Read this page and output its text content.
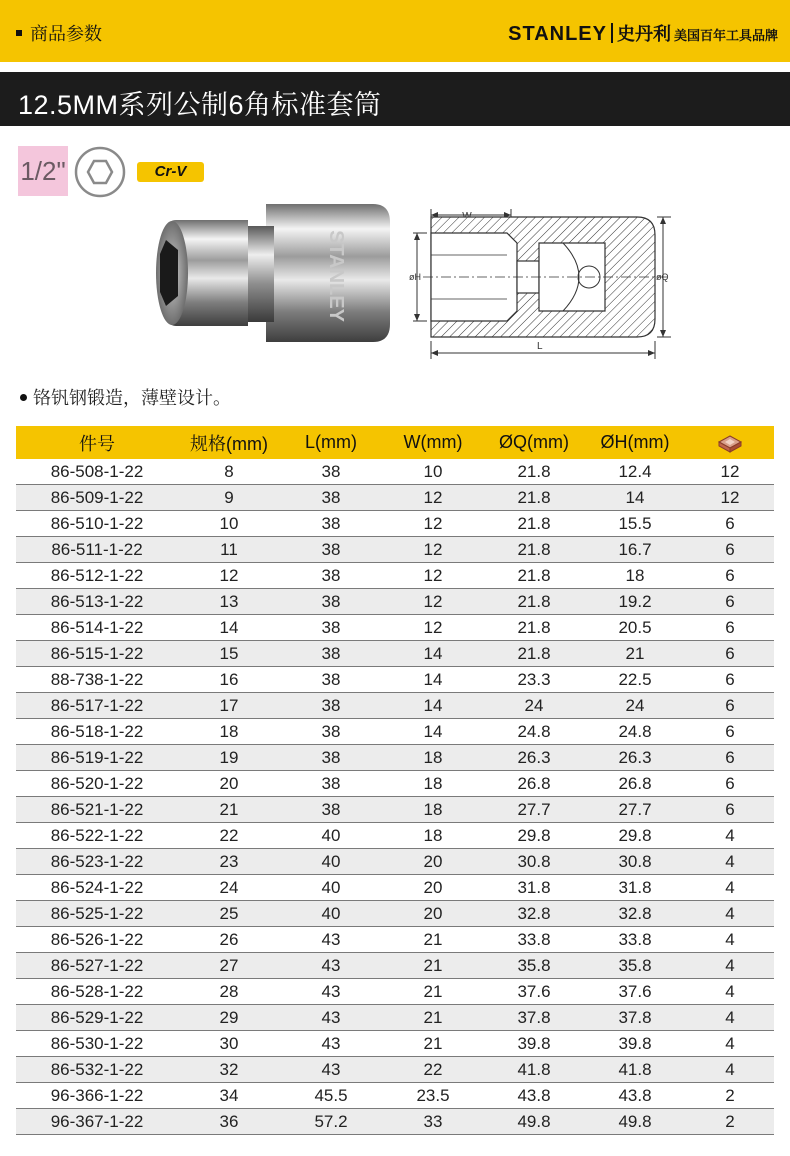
商品参数	STANLEY 史丹利 美国百年工具品牌
12.5MM系列公制6角标准套筒
1/2"	Cr-V
STANLEY	øH	øQ
L
铬钒钢锻造，薄壁设计。
件号	规格(mm)	L(mm)	W(mm)	ØQ(mm)	ØH(mm)	
86-508-1-22	8	38	10	21.8	12.4	12
86-509-1-22	9	38	12	21.8	14	12
86-510-1-22	10	38	12	21.8	15.5	6
86-511-1-22	11	38	12	21.8	16.7	6
86-512-1-22	12	38	12	21.8	18	6
86-513-1-22	13	38	12	21.8	19.2	6
86-514-1-22	14	38	12	21.8	20.5	6
86-515-1-22	15	38	14	21.8	21	6
88-738-1-22	16	38	14	23.3	22.5	6
86-517-1-22	17	38	14	24	24	6
86-518-1-22	18	38	14	24.8	24.8	6
86-519-1-22	19	38	18	26.3	26.3	6
86-520-1-22	20	38	18	26.8	26.8	6
86-521-1-22	21	38	18	27.7	27.7	6
86-522-1-22	22	40	18	29.8	29.8	4
86-523-1-22	23	40	20	30.8	30.8	4
86-524-1-22	24	40	20	31.8	31.8	4
86-525-1-22	25	40	20	32.8	32.8	4
86-526-1-22	26	43	21	33.8	33.8	4
86-527-1-22	27	43	21	35.8	35.8	4
86-528-1-22	28	43	21	37.6	37.6	4
86-529-1-22	29	43	21	37.8	37.8	4
86-530-1-22	30	43	21	39.8	39.8	4
86-532-1-22	32	43	22	41.8	41.8	4
96-366-1-22	34	45.5	23.5	43.8	43.8	2
96-367-1-22	36	57.2	33	49.8	49.8	2
